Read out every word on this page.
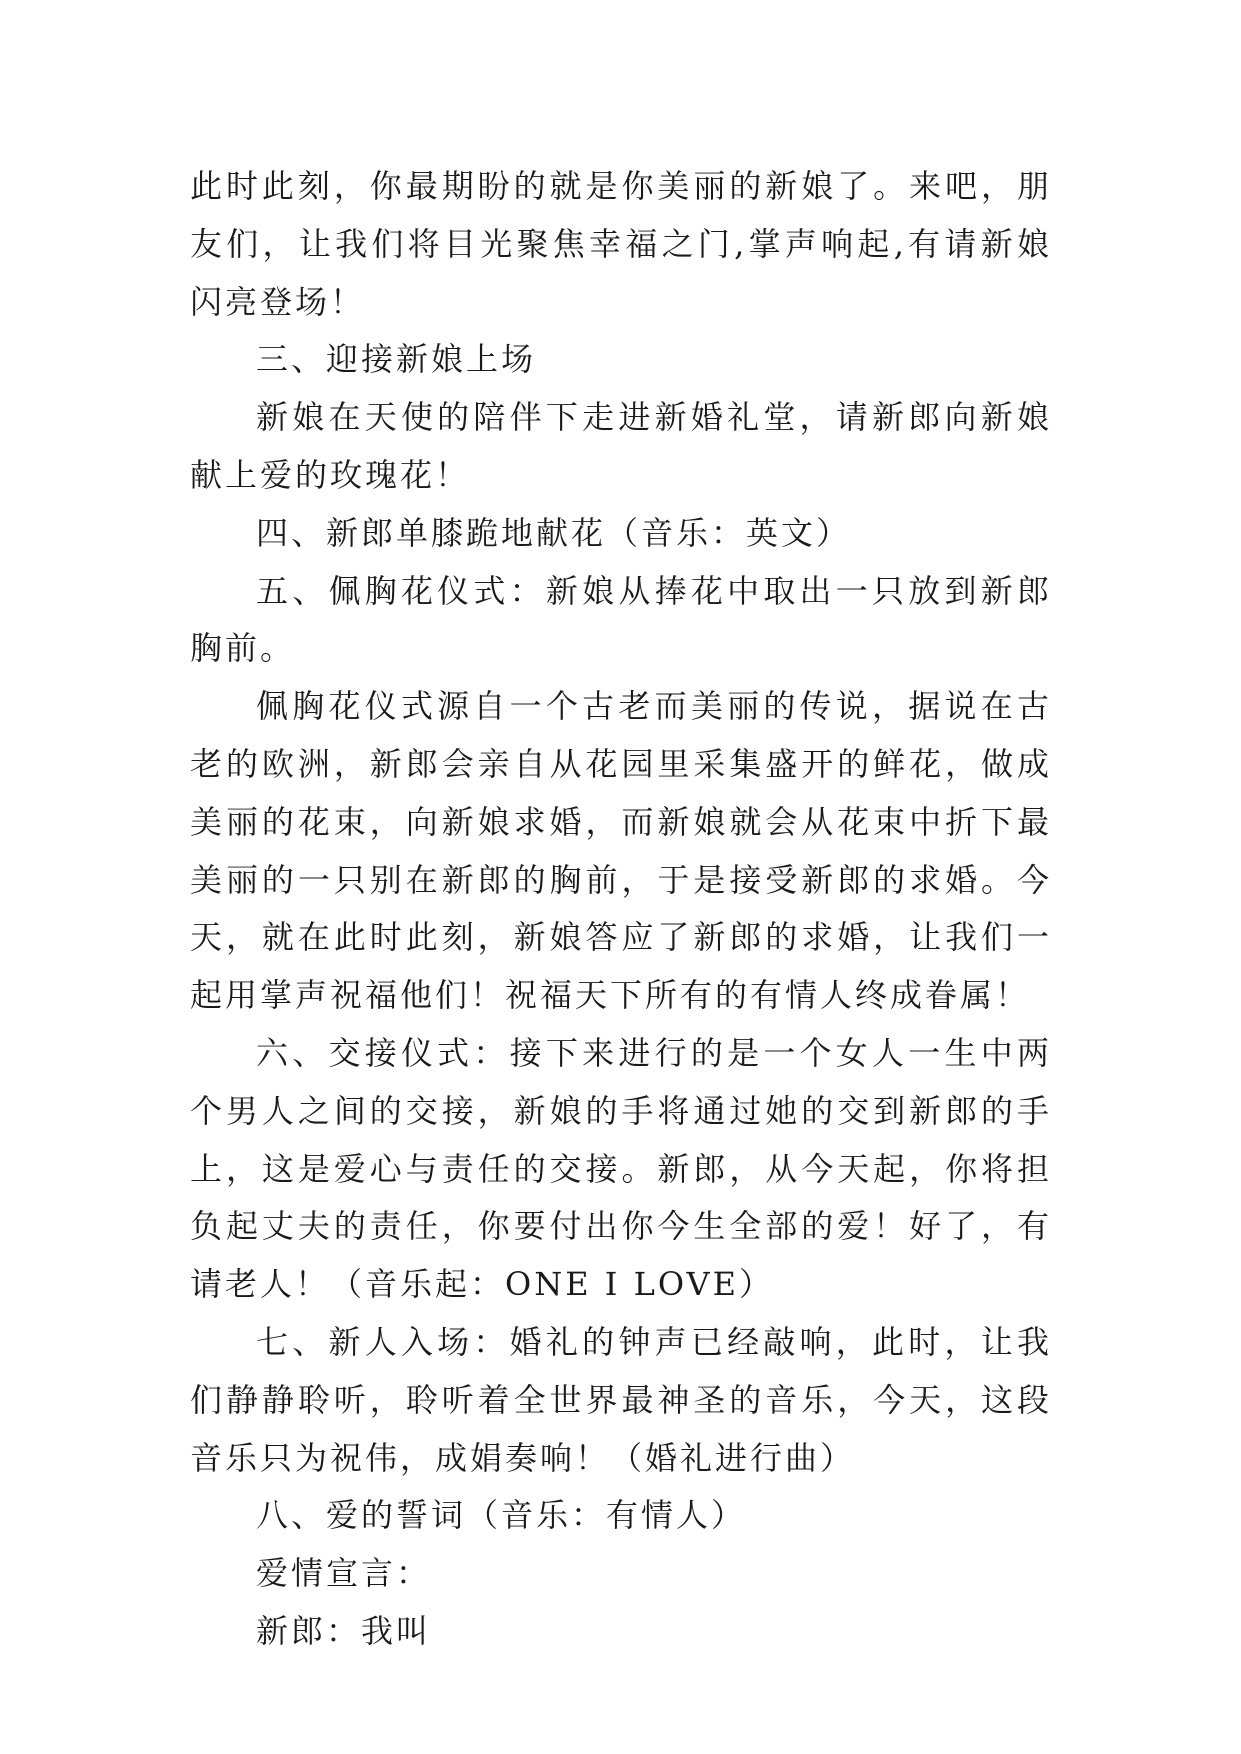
此时此刻，你最期盼的就是你美丽的新娘了。来吧，朋友们，让我们将目光聚焦幸福之门,掌声响起,有请新娘闪亮登场！

三、迎接新娘上场

新娘在天使的陪伴下走进新婚礼堂，请新郎向新娘献上爱的玫瑰花！

四、新郎单膝跪地献花（音乐：英文）

五、佩胸花仪式：新娘从捧花中取出一只放到新郎胸前。

佩胸花仪式源自一个古老而美丽的传说，据说在古老的欧洲，新郎会亲自从花园里采集盛开的鲜花，做成美丽的花束，向新娘求婚，而新娘就会从花束中折下最美丽的一只别在新郎的胸前，于是接受新郎的求婚。今天，就在此时此刻，新娘答应了新郎的求婚，让我们一起用掌声祝福他们！祝福天下所有的有情人终成眷属！

六、交接仪式：接下来进行的是一个女人一生中两个男人之间的交接，新娘的手将通过她的交到新郎的手上，这是爱心与责任的交接。新郎，从今天起，你将担负起丈夫的责任，你要付出你今生全部的爱！好了，有请老人！（音乐起：ONE I LOVE）

七、新人入场：婚礼的钟声已经敲响，此时，让我们静静聆听，聆听着全世界最神圣的音乐，今天，这段音乐只为祝伟，成娟奏响！（婚礼进行曲）

八、爱的誓词（音乐：有情人）

爱情宣言：

新郎：我叫
